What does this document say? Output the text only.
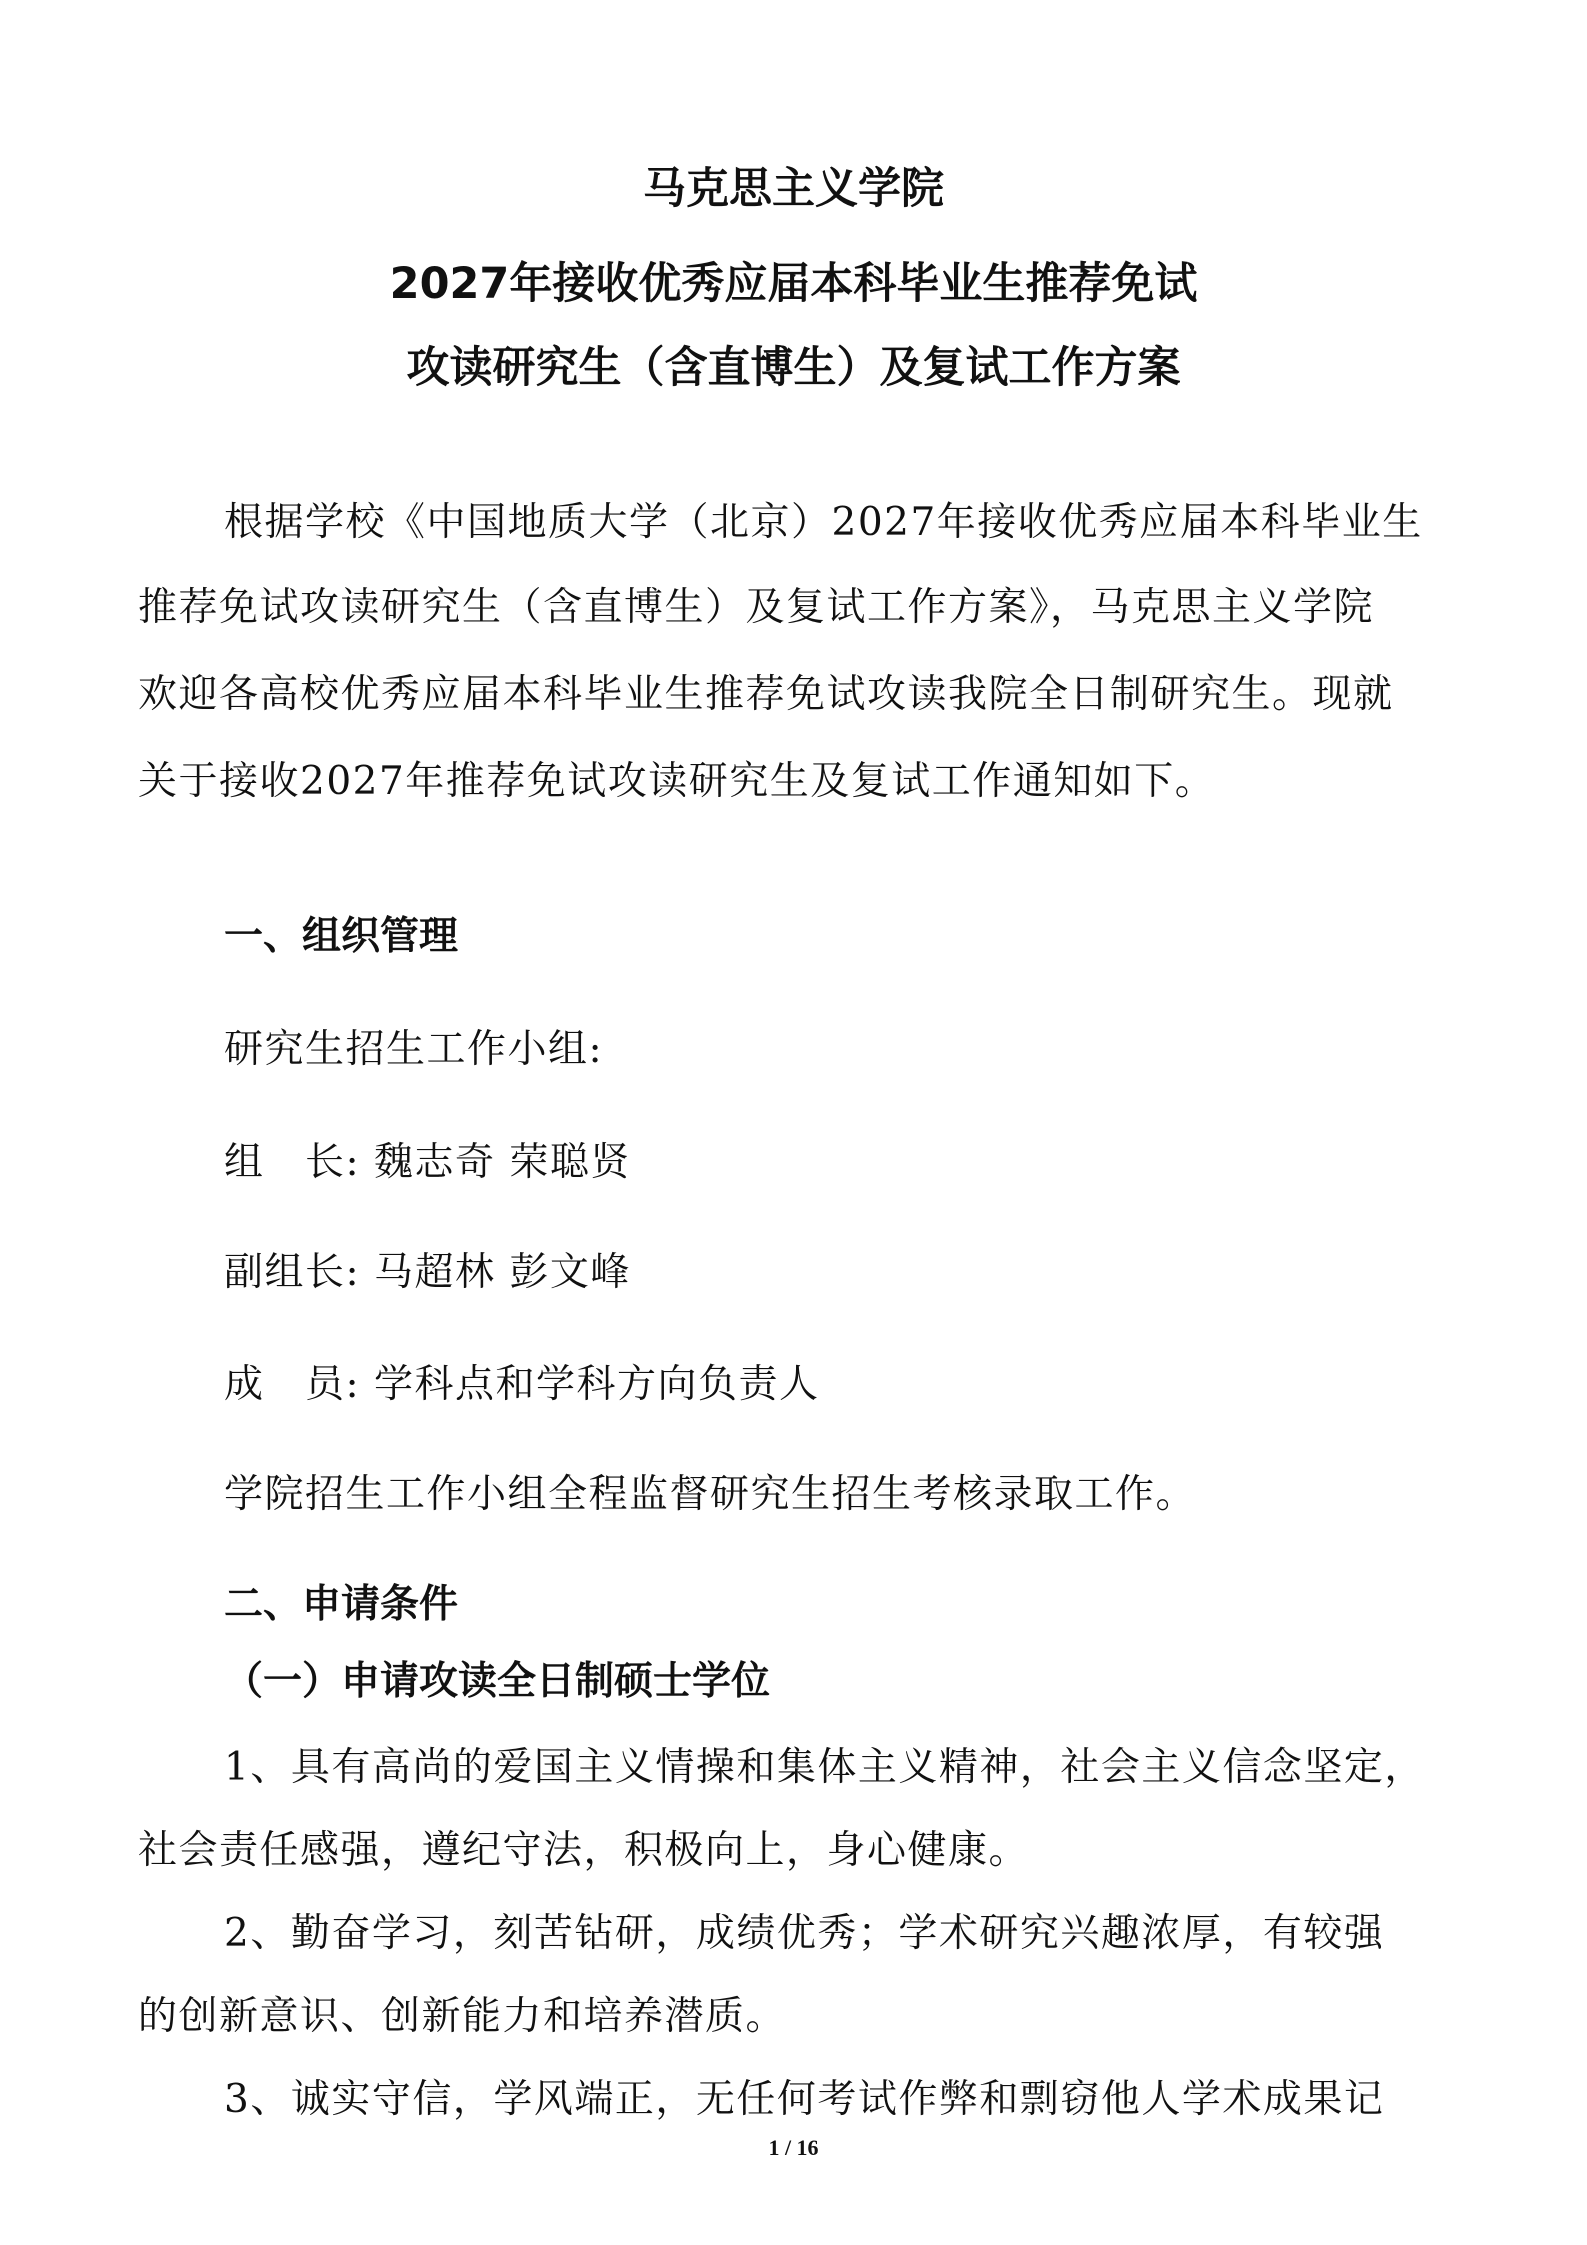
马克思主义学院
2027年接收优秀应届本科毕业生推荐免试
攻读研究生（含直博生）及复试工作方案
根据学校《中国地质大学（北京）2027年接收优秀应届本科毕业生
推荐免试攻读研究生（含直博生）及复试工作方案》，马克思主义学院
欢迎各高校优秀应届本科毕业生推荐免试攻读我院全日制研究生。现就
关于接收2027年推荐免试攻读研究生及复试工作通知如下。
一、组织管理
研究生招生工作小组:
组　长: 魏志奇 荣聪贤
副组长: 马超林 彭文峰
成　员: 学科点和学科方向负责人
学院招生工作小组全程监督研究生招生考核录取工作。
二、申请条件
（一）申请攻读全日制硕士学位
1、具有高尚的爱国主义情操和集体主义精神，社会主义信念坚定，
社会责任感强，遵纪守法，积极向上，身心健康。
2、勤奋学习，刻苦钻研，成绩优秀；学术研究兴趣浓厚，有较强
的创新意识、创新能力和培养潜质。
3、诚实守信，学风端正，无任何考试作弊和剽窃他人学术成果记
1 / 16
